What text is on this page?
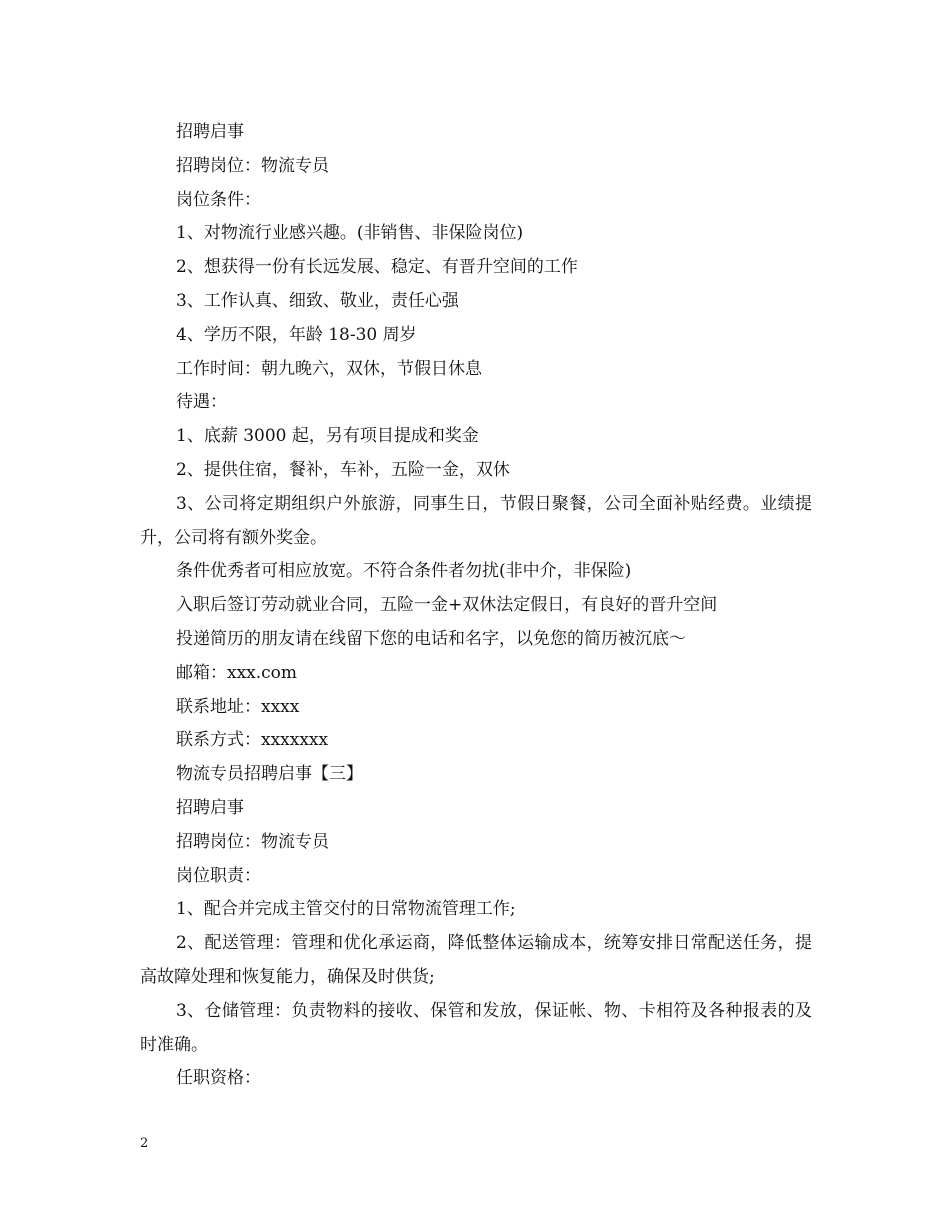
招聘启事

招聘岗位：物流专员

岗位条件：

1、对物流行业感兴趣。(非销售、非保险岗位)

2、想获得一份有长远发展、稳定、有晋升空间的工作

3、工作认真、细致、敬业，责任心强

4、学历不限，年龄 18-30 周岁

工作时间：朝九晚六，双休，节假日休息

待遇：

1、底薪 3000 起，另有项目提成和奖金

2、提供住宿，餐补，车补，五险一金，双休

3、公司将定期组织户外旅游，同事生日，节假日聚餐，公司全面补贴经费。业绩提升，公司将有额外奖金。

条件优秀者可相应放宽。不符合条件者勿扰(非中介，非保险)

入职后签订劳动就业合同，五险一金+双休法定假日，有良好的晋升空间

投递简历的朋友请在线留下您的电话和名字，以免您的简历被沉底～

邮箱：xxx.com

联系地址：xxxx

联系方式：xxxxxxx

物流专员招聘启事【三】

招聘启事

招聘岗位：物流专员

岗位职责：

1、配合并完成主管交付的日常物流管理工作;

2、配送管理：管理和优化承运商，降低整体运输成本，统筹安排日常配送任务，提高故障处理和恢复能力，确保及时供货;

3、仓储管理：负责物料的接收、保管和发放，保证帐、物、卡相符及各种报表的及时准确。

任职资格：

2
